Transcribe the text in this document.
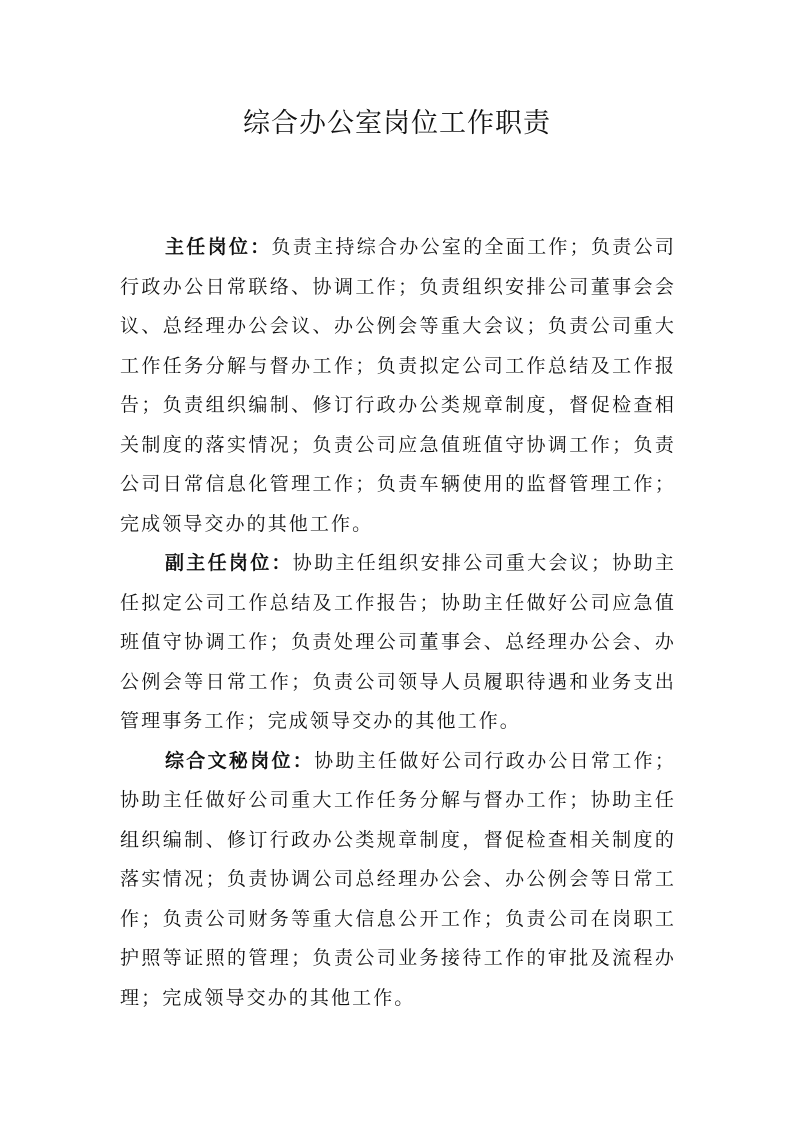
综合办公室岗位工作职责

主任岗位：负责主持综合办公室的全面工作；负责公司行政办公日常联络、协调工作；负责组织安排公司董事会会议、总经理办公会议、办公例会等重大会议；负责公司重大工作任务分解与督办工作；负责拟定公司工作总结及工作报告；负责组织编制、修订行政办公类规章制度，督促检查相关制度的落实情况；负责公司应急值班值守协调工作；负责公司日常信息化管理工作；负责车辆使用的监督管理工作；完成领导交办的其他工作。

副主任岗位：协助主任组织安排公司重大会议；协助主任拟定公司工作总结及工作报告；协助主任做好公司应急值班值守协调工作；负责处理公司董事会、总经理办公会、办公例会等日常工作；负责公司领导人员履职待遇和业务支出管理事务工作；完成领导交办的其他工作。

综合文秘岗位：协助主任做好公司行政办公日常工作；协助主任做好公司重大工作任务分解与督办工作；协助主任组织编制、修订行政办公类规章制度，督促检查相关制度的落实情况；负责协调公司总经理办公会、办公例会等日常工作；负责公司财务等重大信息公开工作；负责公司在岗职工护照等证照的管理；负责公司业务接待工作的审批及流程办理；完成领导交办的其他工作。
